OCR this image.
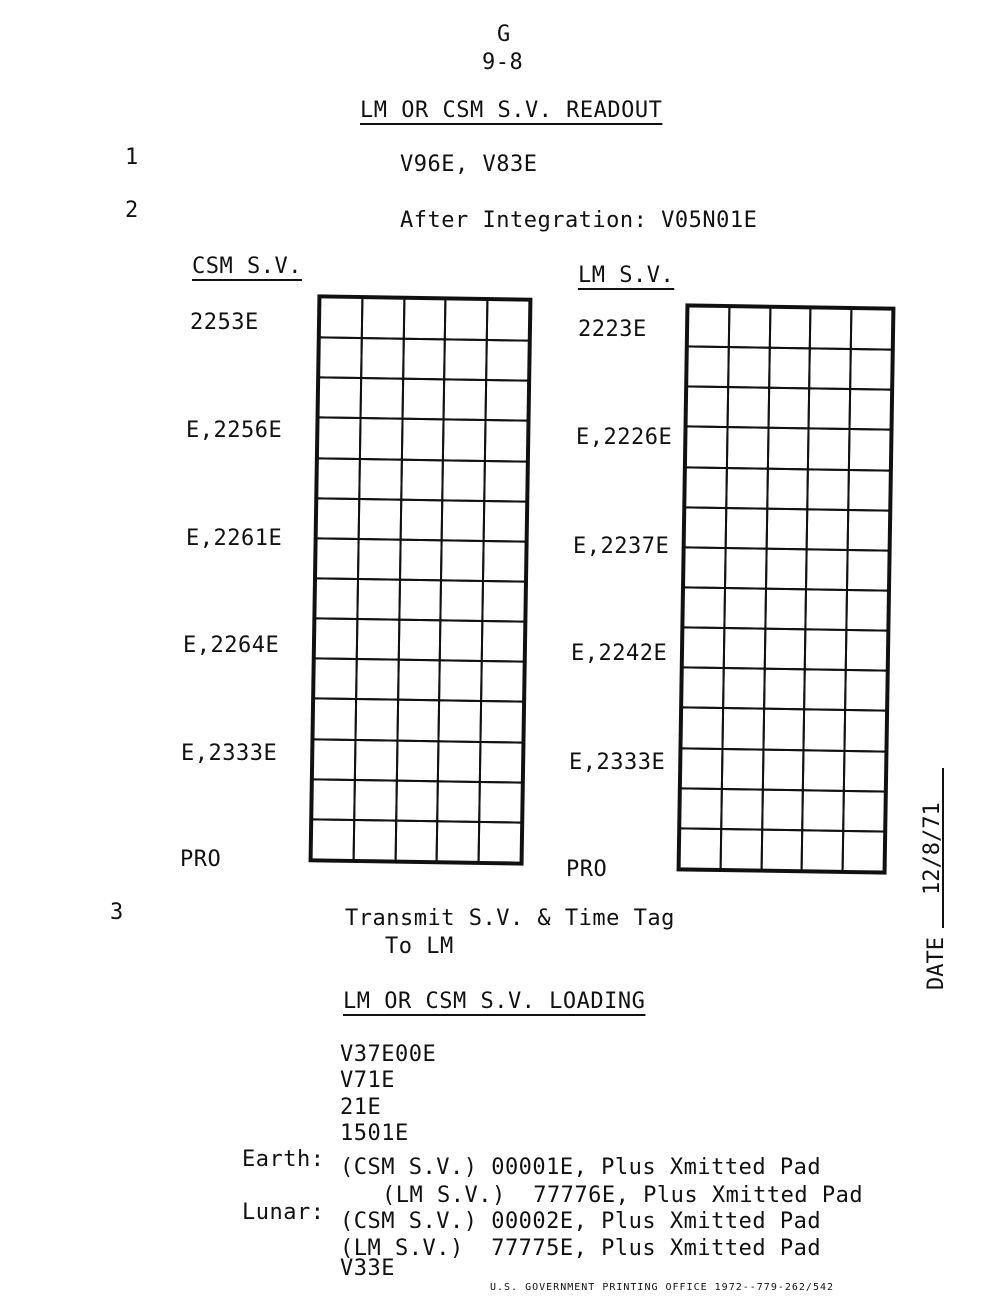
G
9-8
LM OR CSM S.V. READOUT
1	V96E, V83E
2	After Integration: V05N01E
CSM S.V.
2253E
E,2256E
E,2261E
E,2264E
E,2333E
PRO
LM S.V.
2223E
E,2226E
E,2237E
E,2242E
E,2333E
PRO
3	Transmit S.V. & Time Tag
To LM
LM OR CSM S.V. LOADING
V37E00E
V71E
21E
1501E
Earth: (CSM S.V.) 00001E, Plus Xmitted Pad
(LM S.V.)  77776E, Plus Xmitted Pad
Lunar: (CSM S.V.) 00002E, Plus Xmitted Pad
(LM S.V.)  77775E, Plus Xmitted Pad
V33E
DATE
12/8/71
U.S. GOVERNMENT PRINTING OFFICE 1972--779-262/542
